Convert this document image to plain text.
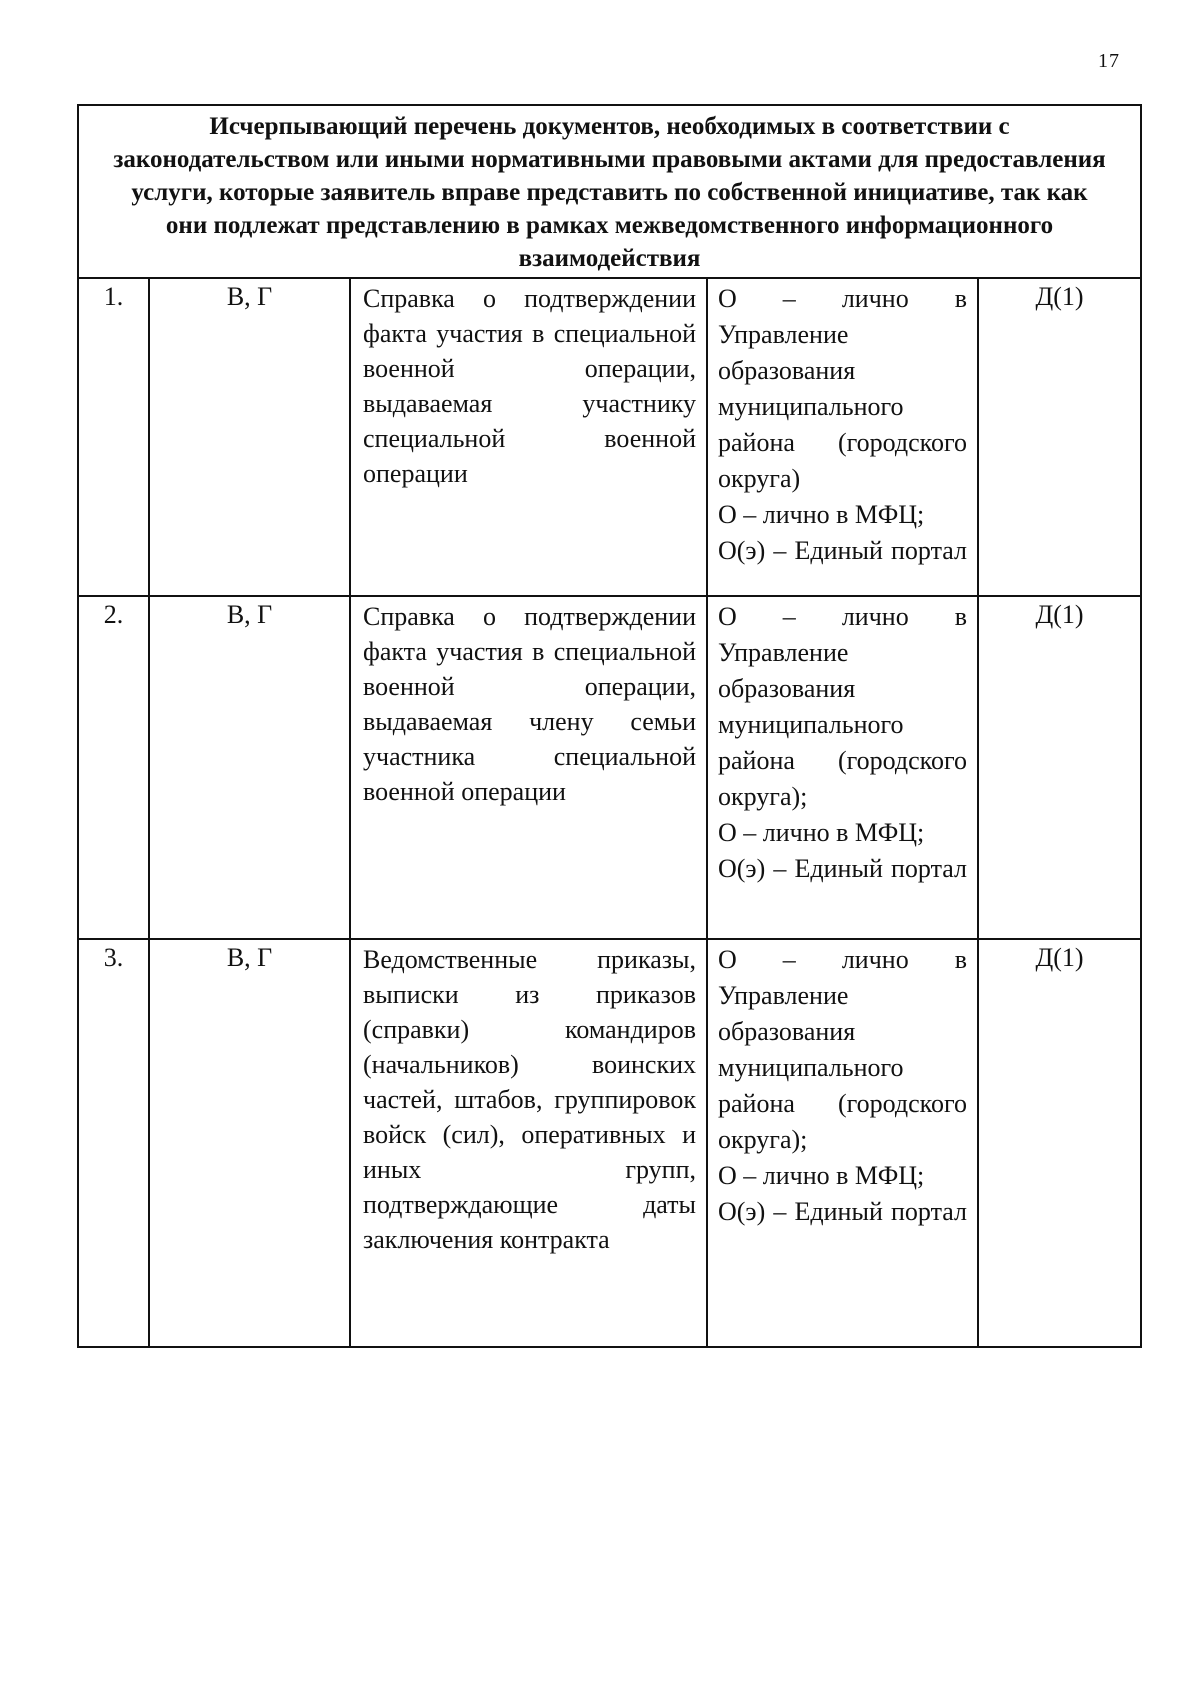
17
Исчерпывающий перечень документов, необходимых в соответствии с законодательством или иными нормативными правовыми актами для предоставления услуги, которые заявитель вправе представить по собственной инициативе, так как они подлежат представлению в рамках межведомственного информационного взаимодействия				
1.	В, Г	Справка о подтверждении факта участия в специальной военной операции, выдаваемая участнику специальной военной операции	О – лично в Управление образования муниципального района (городского округа)
О – лично в МФЦ;
О(э) – Единый портал	Д(1)
2.	В, Г	Справка о подтверждении факта участия в специальной военной операции, выдаваемая члену семьи участника специальной военной операции	О – лично в Управление образования муниципального района (городского округа);
О – лично в МФЦ;
О(э) – Единый портал	Д(1)
3.	В, Г	Ведомственные приказы, выписки из приказов (справки) командиров (начальников) воинских частей, штабов, группировок войск (сил), оперативных и иных групп, подтверждающие даты заключения контракта	О – лично в Управление образования муниципального района (городского округа);
О – лично в МФЦ;
О(э) – Единый портал	Д(1)
